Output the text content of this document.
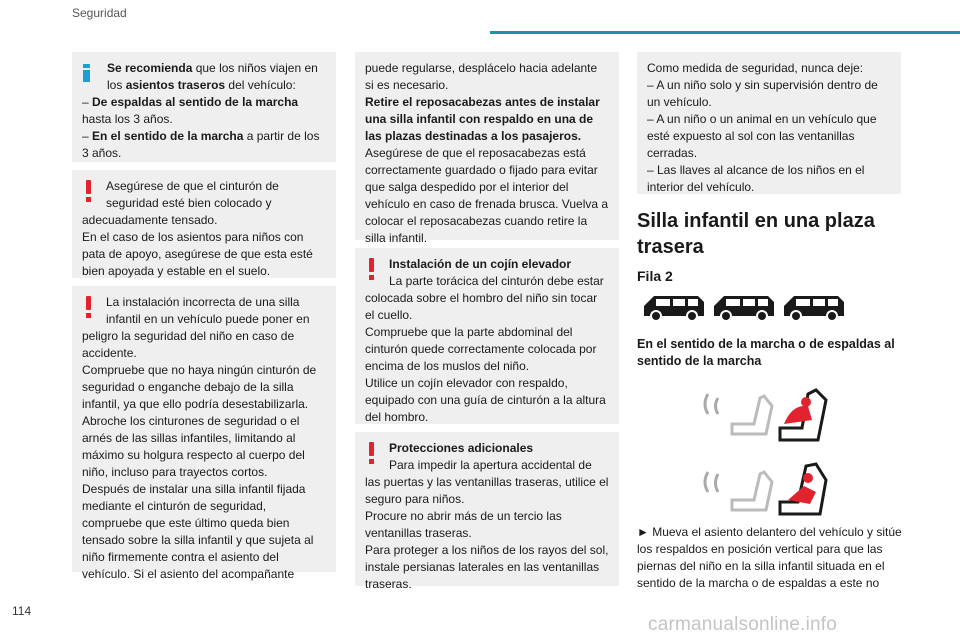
Seguridad

Se recomienda que los niños viajen en los asientos traseros del vehículo:

– De espaldas al sentido de la marcha hasta los 3 años.

– En el sentido de la marcha a partir de los 3 años.

Asegúrese de que el cinturón de seguridad esté bien colocado y

adecuadamente tensado.

En el caso de los asientos para niños con pata de apoyo, asegúrese de que esta esté bien apoyada y estable en el suelo.

La instalación incorrecta de una silla infantil en un vehículo puede poner en

peligro la seguridad del niño en caso de accidente.

Compruebe que no haya ningún cinturón de seguridad o enganche debajo de la silla infantil, ya que ello podría desestabilizarla.

Abroche los cinturones de seguridad o el arnés de las sillas infantiles, limitando al máximo su holgura respecto al cuerpo del niño, incluso para trayectos cortos.

Después de instalar una silla infantil fijada mediante el cinturón de seguridad, compruebe que este último queda bien tensado sobre la silla infantil y que sujeta al niño firmemente contra el asiento del vehículo. Si el asiento del acompañante

puede regularse, desplácelo hacia adelante si es necesario.

Retire el reposacabezas antes de instalar una silla infantil con respaldo en una de las plazas destinadas a los pasajeros.

Asegúrese de que el reposacabezas está correctamente guardado o fijado para evitar que salga despedido por el interior del vehículo en caso de frenada brusca. Vuelva a colocar el reposacabezas cuando retire la silla infantil.

Instalación de un cojín elevador

La parte torácica del cinturón debe estar

colocada sobre el hombro del niño sin tocar el cuello.

Compruebe que la parte abdominal del cinturón quede correctamente colocada por encima de los muslos del niño.

Utilice un cojín elevador con respaldo, equipado con una guía de cinturón a la altura del hombro.

Protecciones adicionales

Para impedir la apertura accidental de

las puertas y las ventanillas traseras, utilice el seguro para niños.

Procure no abrir más de un tercio las ventanillas traseras.

Para proteger a los niños de los rayos del sol, instale persianas laterales en las ventanillas traseras.

Como medida de seguridad, nunca deje:

– A un niño solo y sin supervisión dentro de un vehículo.

– A un niño o un animal en un vehículo que esté expuesto al sol con las ventanillas cerradas.

– Las llaves al alcance de los niños en el interior del vehículo.

Silla infantil en una plaza trasera
Fila 2
En el sentido de la marcha o de espaldas al sentido de la marcha
► Mueva el asiento delantero del vehículo y sitúe los respaldos en posición vertical para que las piernas del niño en la silla infantil situada en el sentido de la marcha o de espaldas a este no
114
carmanualsonline.info
